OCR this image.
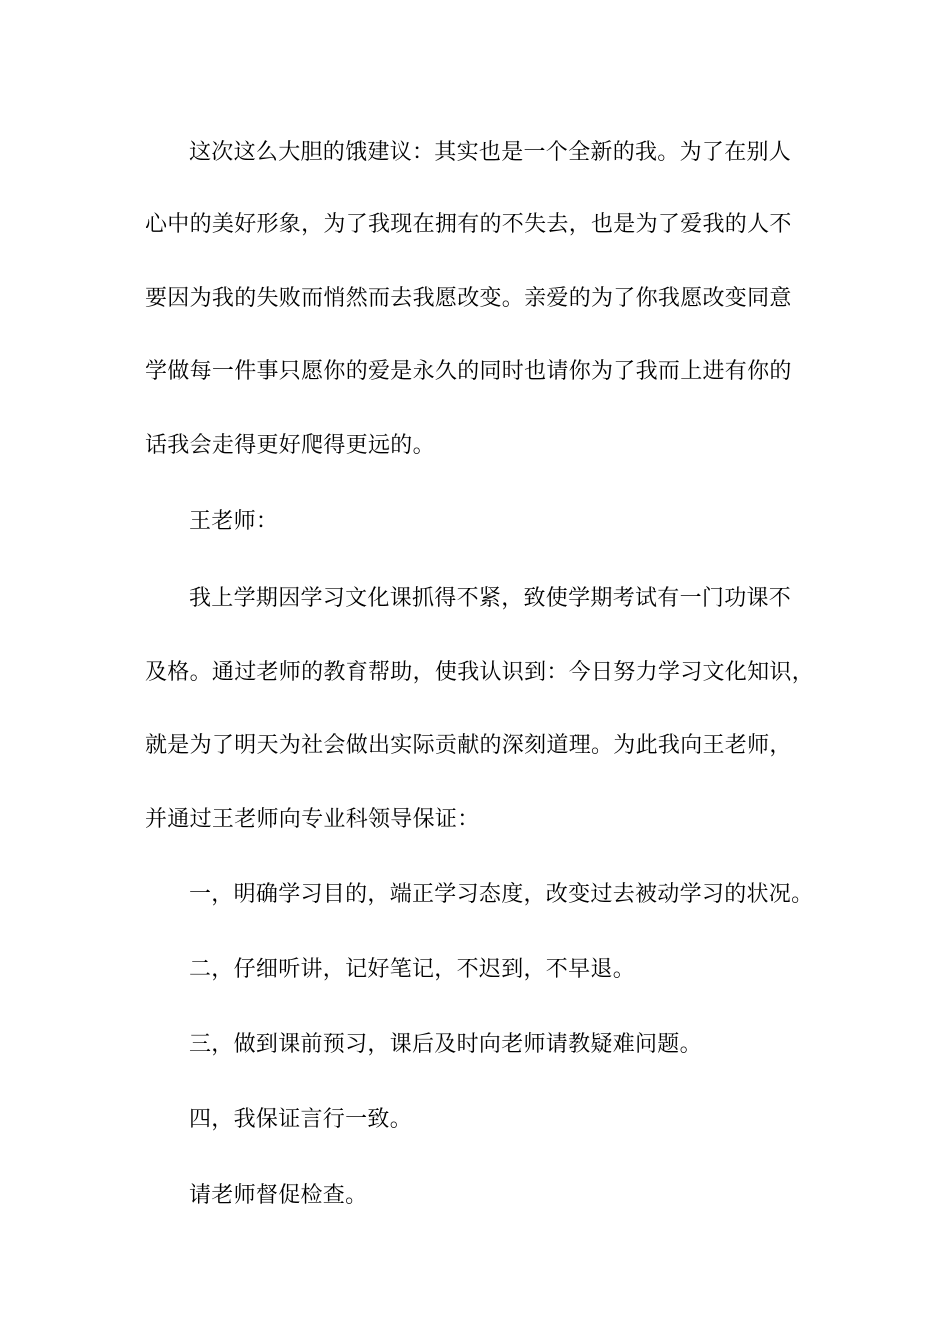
这次这么大胆的饿建议：其实也是一个全新的我。为了在别人
心中的美好形象，为了我现在拥有的不失去，也是为了爱我的人不
要因为我的失败而悄然而去我愿改变。亲爱的为了你我愿改变同意
学做每一件事只愿你的爱是永久的同时也请你为了我而上进有你的
话我会走得更好爬得更远的。
王老师：
我上学期因学习文化课抓得不紧，致使学期考试有一门功课不
及格。通过老师的教育帮助，使我认识到：今日努力学习文化知识，
就是为了明天为社会做出实际贡献的深刻道理。为此我向王老师，
并通过王老师向专业科领导保证：
一，明确学习目的，端正学习态度，改变过去被动学习的状况。
二，仔细听讲，记好笔记，不迟到，不早退。
三，做到课前预习，课后及时向老师请教疑难问题。
四，我保证言行一致。
请老师督促检查。
